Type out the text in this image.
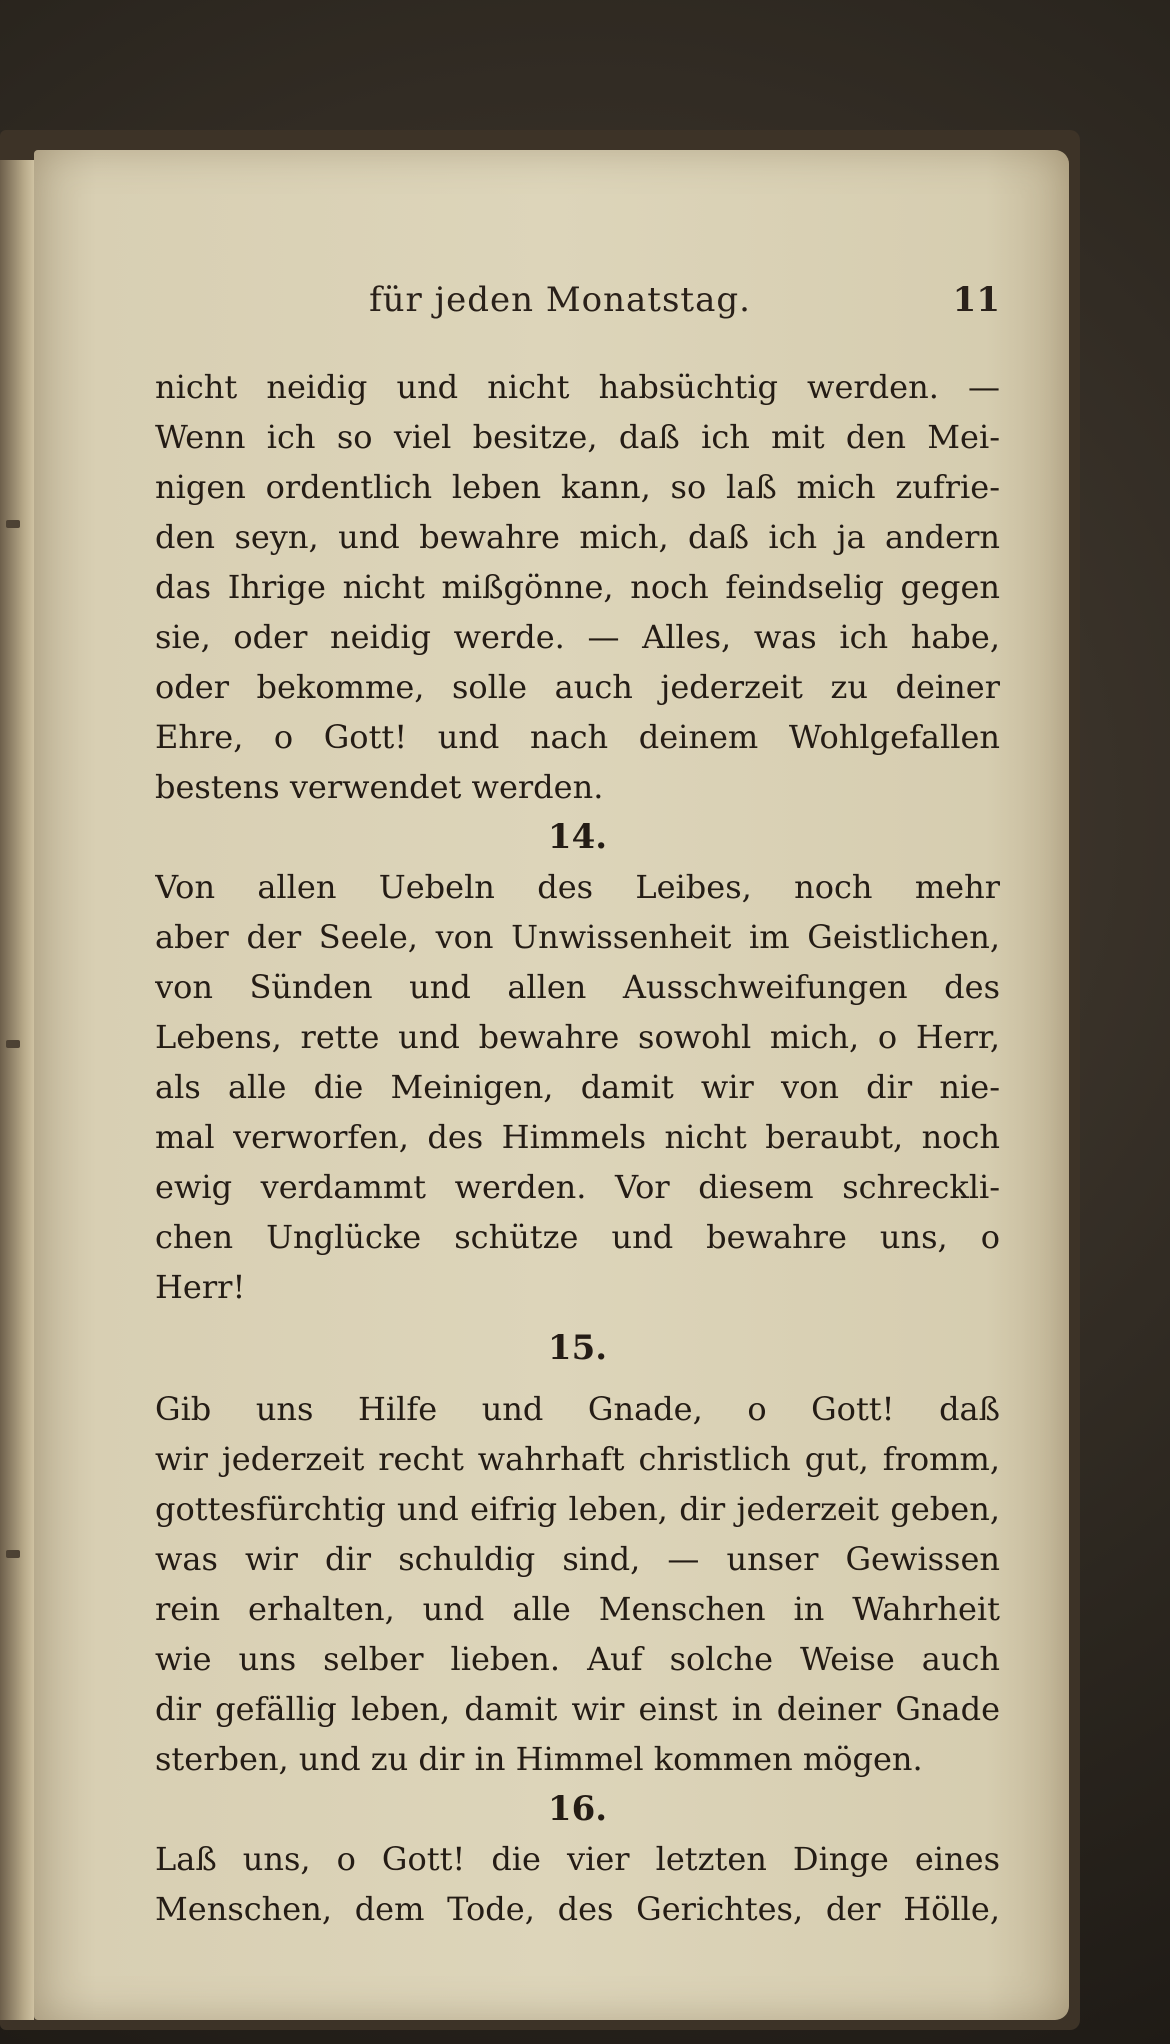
für jeden Monatstag.	11
nicht neidig und nicht habsüchtig werden. —
Wenn ich so viel besitze, daß ich mit den Mei-
nigen ordentlich leben kann, so laß mich zufrie-
den seyn, und bewahre mich, daß ich ja andern
das Ihrige nicht mißgönne, noch feindselig gegen
sie, oder neidig werde. — Alles, was ich habe,
oder bekomme, solle auch jederzeit zu deiner
Ehre, o Gott! und nach deinem Wohlgefallen
bestens verwendet werden.
14.
Von allen Uebeln des Leibes, noch mehr
aber der Seele, von Unwissenheit im Geistlichen,
von Sünden und allen Ausschweifungen des
Lebens, rette und bewahre sowohl mich, o Herr,
als alle die Meinigen, damit wir von dir nie-
mal verworfen, des Himmels nicht beraubt, noch
ewig verdammt werden. Vor diesem schreckli-
chen Unglücke schütze und bewahre uns, o
Herr!
15.
Gib uns Hilfe und Gnade, o Gott! daß
wir jederzeit recht wahrhaft christlich gut, fromm,
gottesfürchtig und eifrig leben, dir jederzeit geben,
was wir dir schuldig sind, — unser Gewissen
rein erhalten, und alle Menschen in Wahrheit
wie uns selber lieben. Auf solche Weise auch
dir gefällig leben, damit wir einst in deiner Gnade
sterben, und zu dir in Himmel kommen mögen.
16.
Laß uns, o Gott! die vier letzten Dinge eines
Menschen, dem Tode, des Gerichtes, der Hölle,
